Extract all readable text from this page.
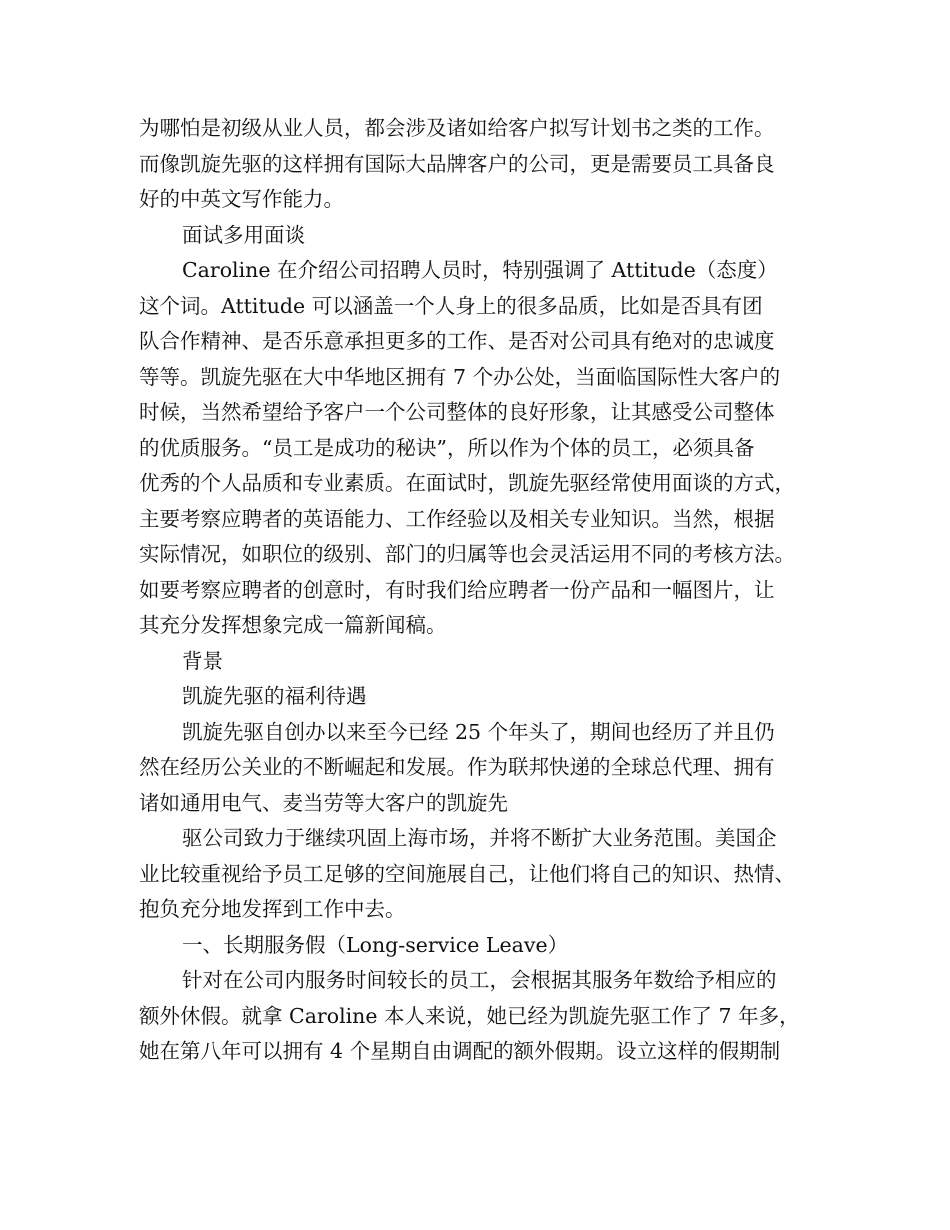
为哪怕是初级从业人员，都会涉及诸如给客户拟写计划书之类的工作。

而像凯旋先驱的这样拥有国际大品牌客户的公司，更是需要员工具备良

好的中英文写作能力。

面试多用面谈

Caroline 在介绍公司招聘人员时，特别强调了 Attitude（态度）

这个词。Attitude 可以涵盖一个人身上的很多品质，比如是否具有团

队合作精神、是否乐意承担更多的工作、是否对公司具有绝对的忠诚度

等等。凯旋先驱在大中华地区拥有 7 个办公处，当面临国际性大客户的

时候，当然希望给予客户一个公司整体的良好形象，让其感受公司整体

的优质服务。“员工是成功的秘诀”，所以作为个体的员工，必须具备

优秀的个人品质和专业素质。在面试时，凯旋先驱经常使用面谈的方式，

主要考察应聘者的英语能力、工作经验以及相关专业知识。当然，根据

实际情况，如职位的级别、部门的归属等也会灵活运用不同的考核方法。

如要考察应聘者的创意时，有时我们给应聘者一份产品和一幅图片，让

其充分发挥想象完成一篇新闻稿。

背景

凯旋先驱的福利待遇

凯旋先驱自创办以来至今已经 25 个年头了，期间也经历了并且仍

然在经历公关业的不断崛起和发展。作为联邦快递的全球总代理、拥有

诸如通用电气、麦当劳等大客户的凯旋先

驱公司致力于继续巩固上海市场，并将不断扩大业务范围。美国企

业比较重视给予员工足够的空间施展自己，让他们将自己的知识、热情、

抱负充分地发挥到工作中去。

一、长期服务假（Long-service Leave）

针对在公司内服务时间较长的员工，会根据其服务年数给予相应的

额外休假。就拿 Caroline 本人来说，她已经为凯旋先驱工作了 7 年多，

她在第八年可以拥有 4 个星期自由调配的额外假期。设立这样的假期制
